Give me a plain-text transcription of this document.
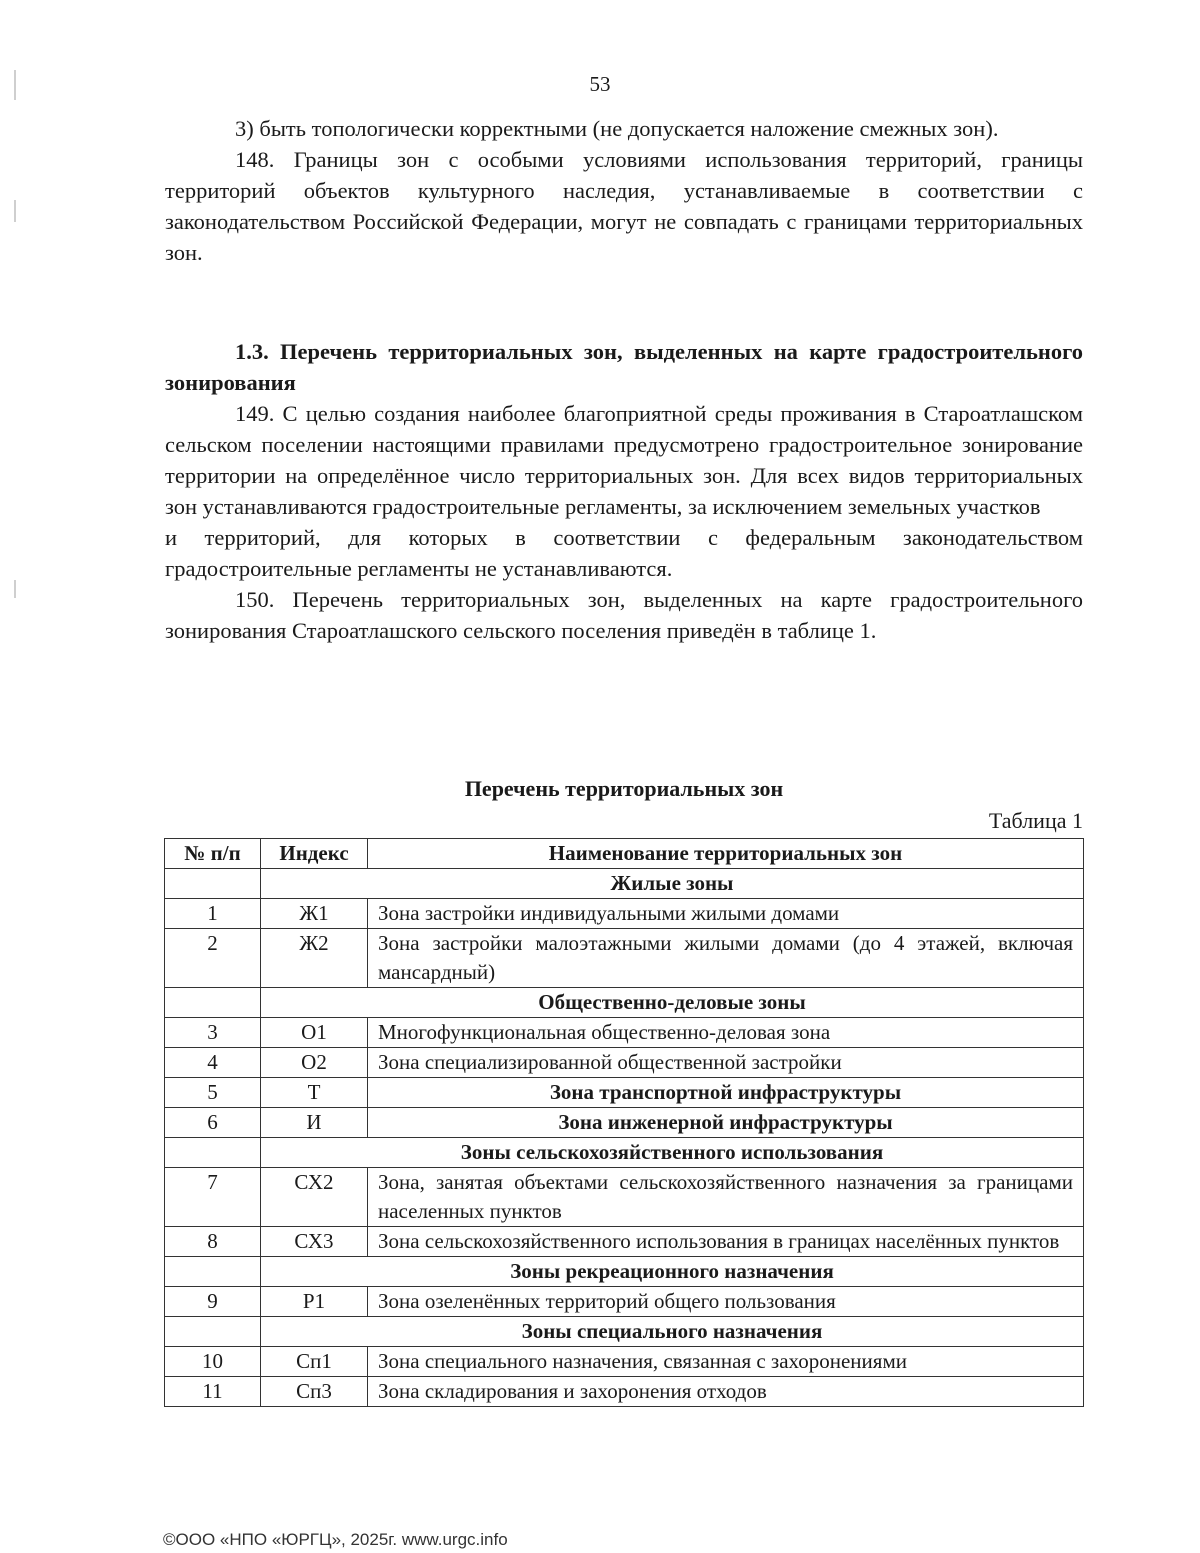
53

3) быть топологически корректными (не допускается наложение смежных зон).

148. Границы зон с особыми условиями использования территорий, границы территорий объектов культурного наследия, устанавливаемые в соответствии с законодательством Российской Федерации, могут не совпадать с границами территориальных зон.

1.3. Перечень территориальных зон, выделенных на карте градостроительного зонирования

149. С целью создания наиболее благоприятной среды проживания в Староатлашском сельском поселении настоящими правилами предусмотрено градостроительное зонирование территории на определённое число территориальных зон. Для всех видов территориальных зон устанавливаются градостроительные регламенты, за исключением земельных участков

и территорий, для которых в соответствии с федеральным законодательством градостроительные регламенты не устанавливаются.

150. Перечень территориальных зон, выделенных на карте градостроительного зонирования Староатлашского сельского поселения приведён в таблице 1.

Перечень территориальных зон
Таблица 1
№ п/п	Индекс	Наименование территориальных зон
	Жилые зоны	
1	Ж1	Зона застройки индивидуальными жилыми домами
2	Ж2	Зона застройки малоэтажными жилыми домами (до 4 этажей, включая мансардный)
	Общественно-деловые зоны	
3	О1	Многофункциональная общественно-деловая зона
4	О2	Зона специализированной общественной застройки
5	Т	Зона транспортной инфраструктуры
6	И	Зона инженерной инфраструктуры
	Зоны сельскохозяйственного использования	
7	СХ2	Зона, занятая объектами сельскохозяйственного назначения за границами населенных пунктов
8	СХ3	Зона сельскохозяйственного использования в границах населённых пунктов
	Зоны рекреационного назначения	
9	Р1	Зона озеленённых территорий общего пользования
	Зоны специального назначения	
10	Сп1	Зона специального назначения, связанная с захоронениями
11	Сп3	Зона складирования и захоронения отходов
©ООО «НПО «ЮРГЦ», 2025г. www.urgc.info
